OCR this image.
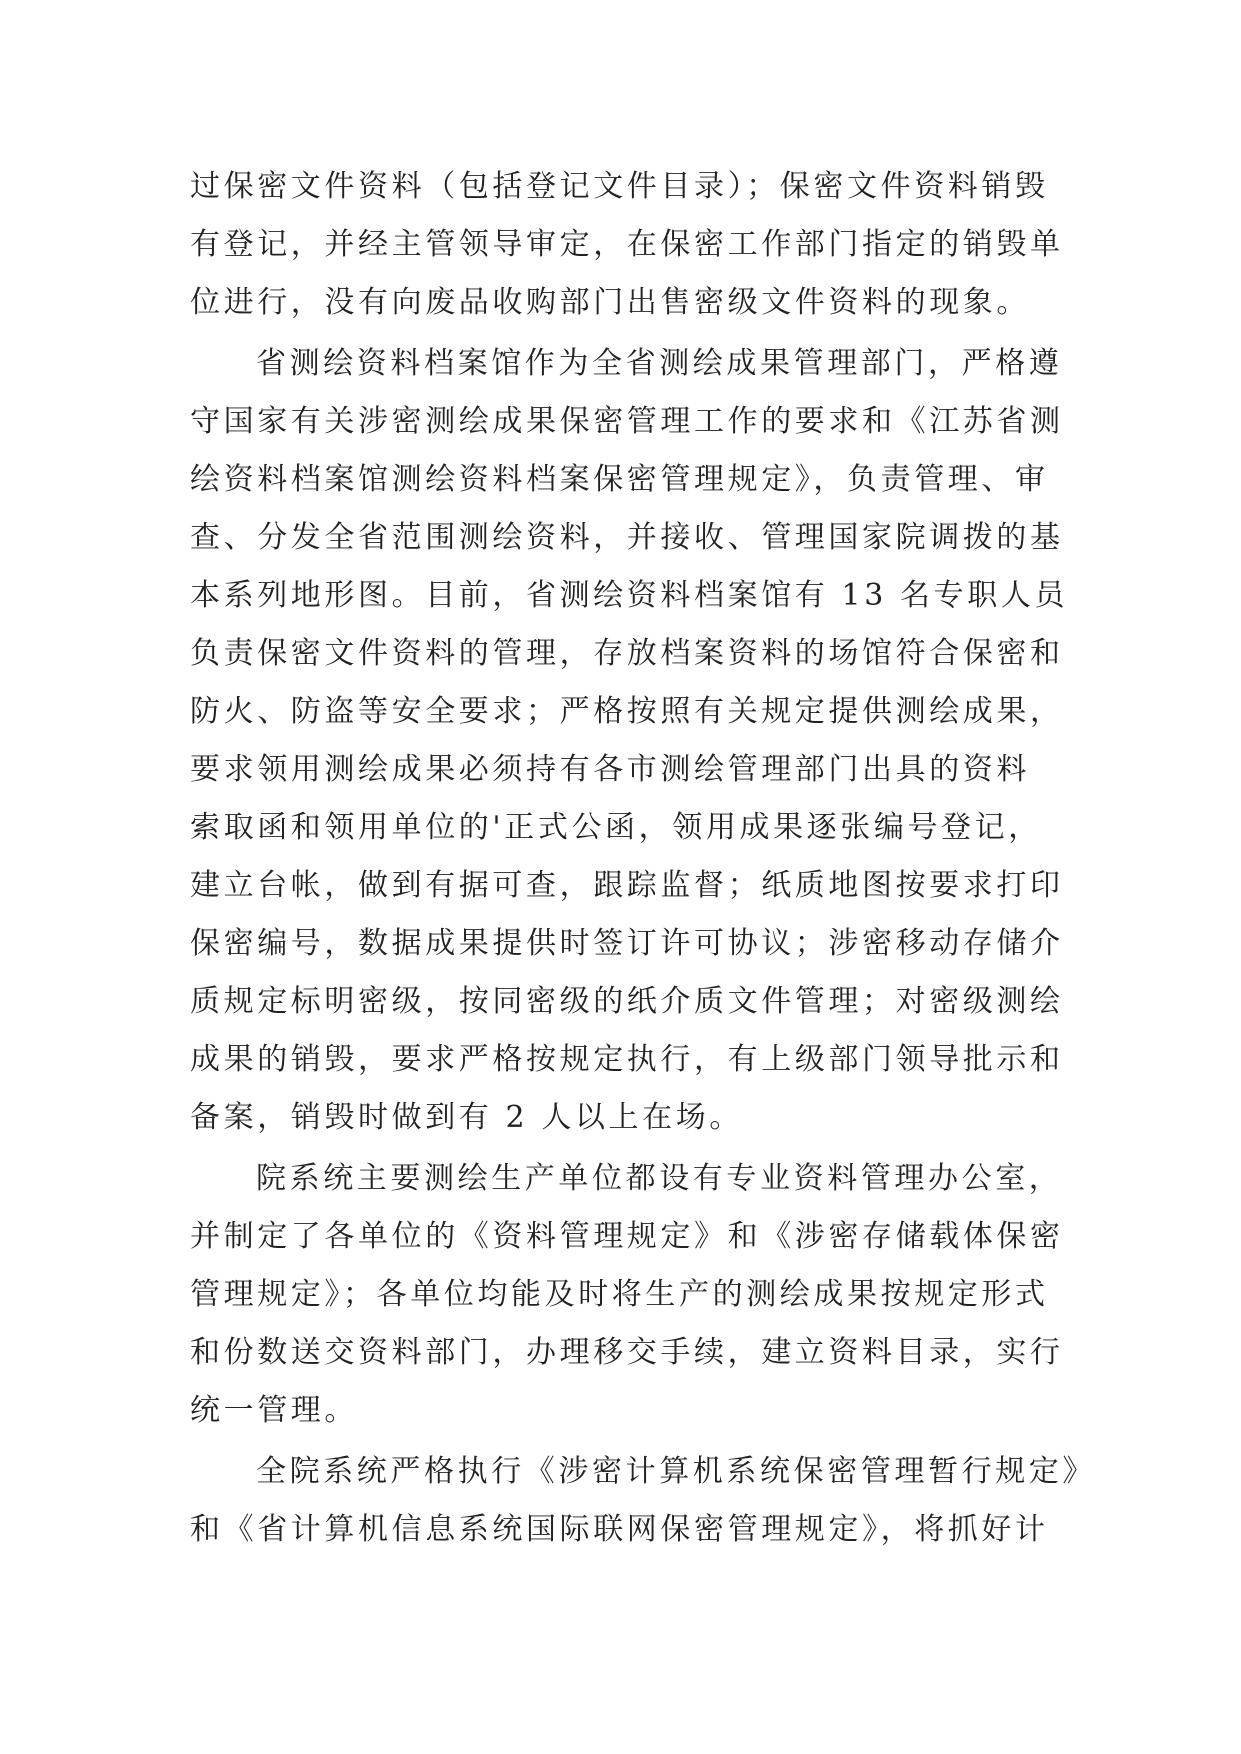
过保密文件资料（包括登记文件目录）；保密文件资料销毁
有登记，并经主管领导审定，在保密工作部门指定的销毁单
位进行，没有向废品收购部门出售密级文件资料的现象。
省测绘资料档案馆作为全省测绘成果管理部门，严格遵
守国家有关涉密测绘成果保密管理工作的要求和《江苏省测
绘资料档案馆测绘资料档案保密管理规定》，负责管理、审
查、分发全省范围测绘资料，并接收、管理国家院调拨的基
本系列地形图。目前，省测绘资料档案馆有 13 名专职人员
负责保密文件资料的管理，存放档案资料的场馆符合保密和
防火、防盗等安全要求；严格按照有关规定提供测绘成果，
要求领用测绘成果必须持有各市测绘管理部门出具的资料
索取函和领用单位的'正式公函，领用成果逐张编号登记，
建立台帐，做到有据可查，跟踪监督；纸质地图按要求打印
保密编号，数据成果提供时签订许可协议；涉密移动存储介
质规定标明密级，按同密级的纸介质文件管理；对密级测绘
成果的销毁，要求严格按规定执行，有上级部门领导批示和
备案，销毁时做到有 2 人以上在场。
院系统主要测绘生产单位都设有专业资料管理办公室，
并制定了各单位的《资料管理规定》和《涉密存储载体保密
管理规定》；各单位均能及时将生产的测绘成果按规定形式
和份数送交资料部门，办理移交手续，建立资料目录，实行
统一管理。
全院系统严格执行《涉密计算机系统保密管理暂行规定》
和《省计算机信息系统国际联网保密管理规定》，将抓好计
